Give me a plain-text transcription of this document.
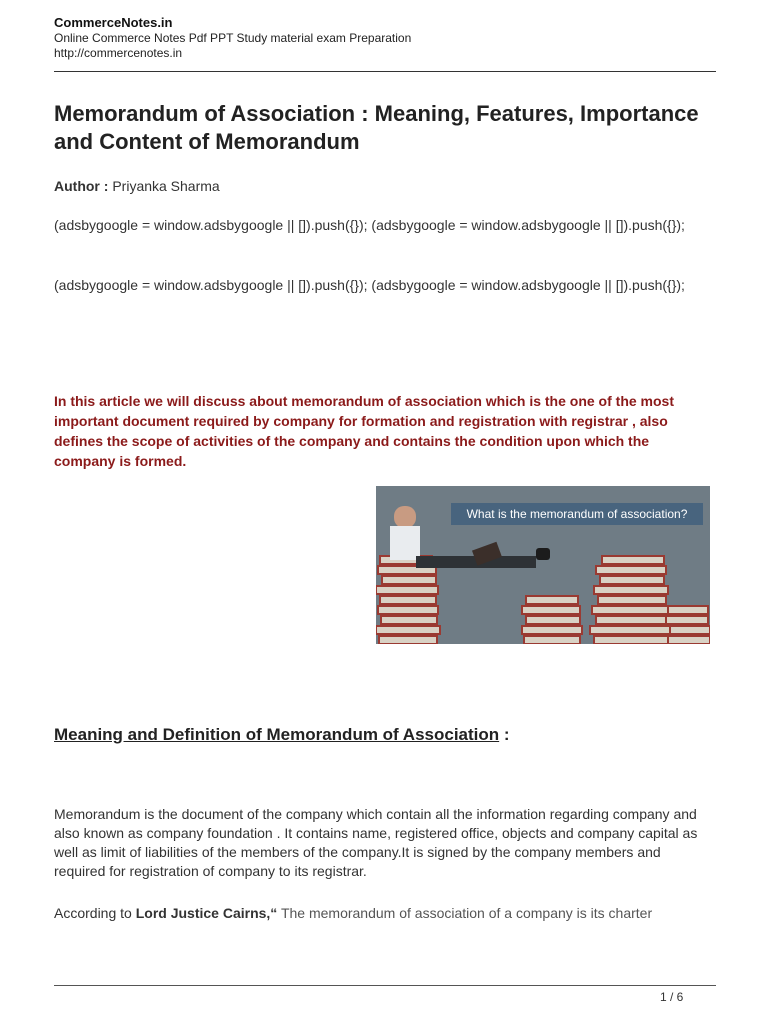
CommerceNotes.in
Online Commerce Notes Pdf PPT Study material exam Preparation
http://commercenotes.in
Memorandum of Association : Meaning, Features, Importance and Content of Memorandum
Author : Priyanka Sharma
(adsbygoogle = window.adsbygoogle || []).push({}); (adsbygoogle = window.adsbygoogle || []).push({});
(adsbygoogle = window.adsbygoogle || []).push({}); (adsbygoogle = window.adsbygoogle || []).push({});
In this article we will discuss about memorandum of association which is the one of the most important document required by company for formation and registration with registrar , also defines the scope of activities of the company and contains the condition upon which the company is formed.
What is the memorandum of association?
Meaning and Definition of Memorandum of Association :
Memorandum is the document of the company which contain all the information regarding company and also known as company foundation . It contains name, registered office, objects and company capital as well as limit of liabilities of the members of the company.It is signed by the company members and required for registration of company to its registrar.
According to Lord Justice Cairns,“ The memorandum of association of a company is its charter
1 / 6
